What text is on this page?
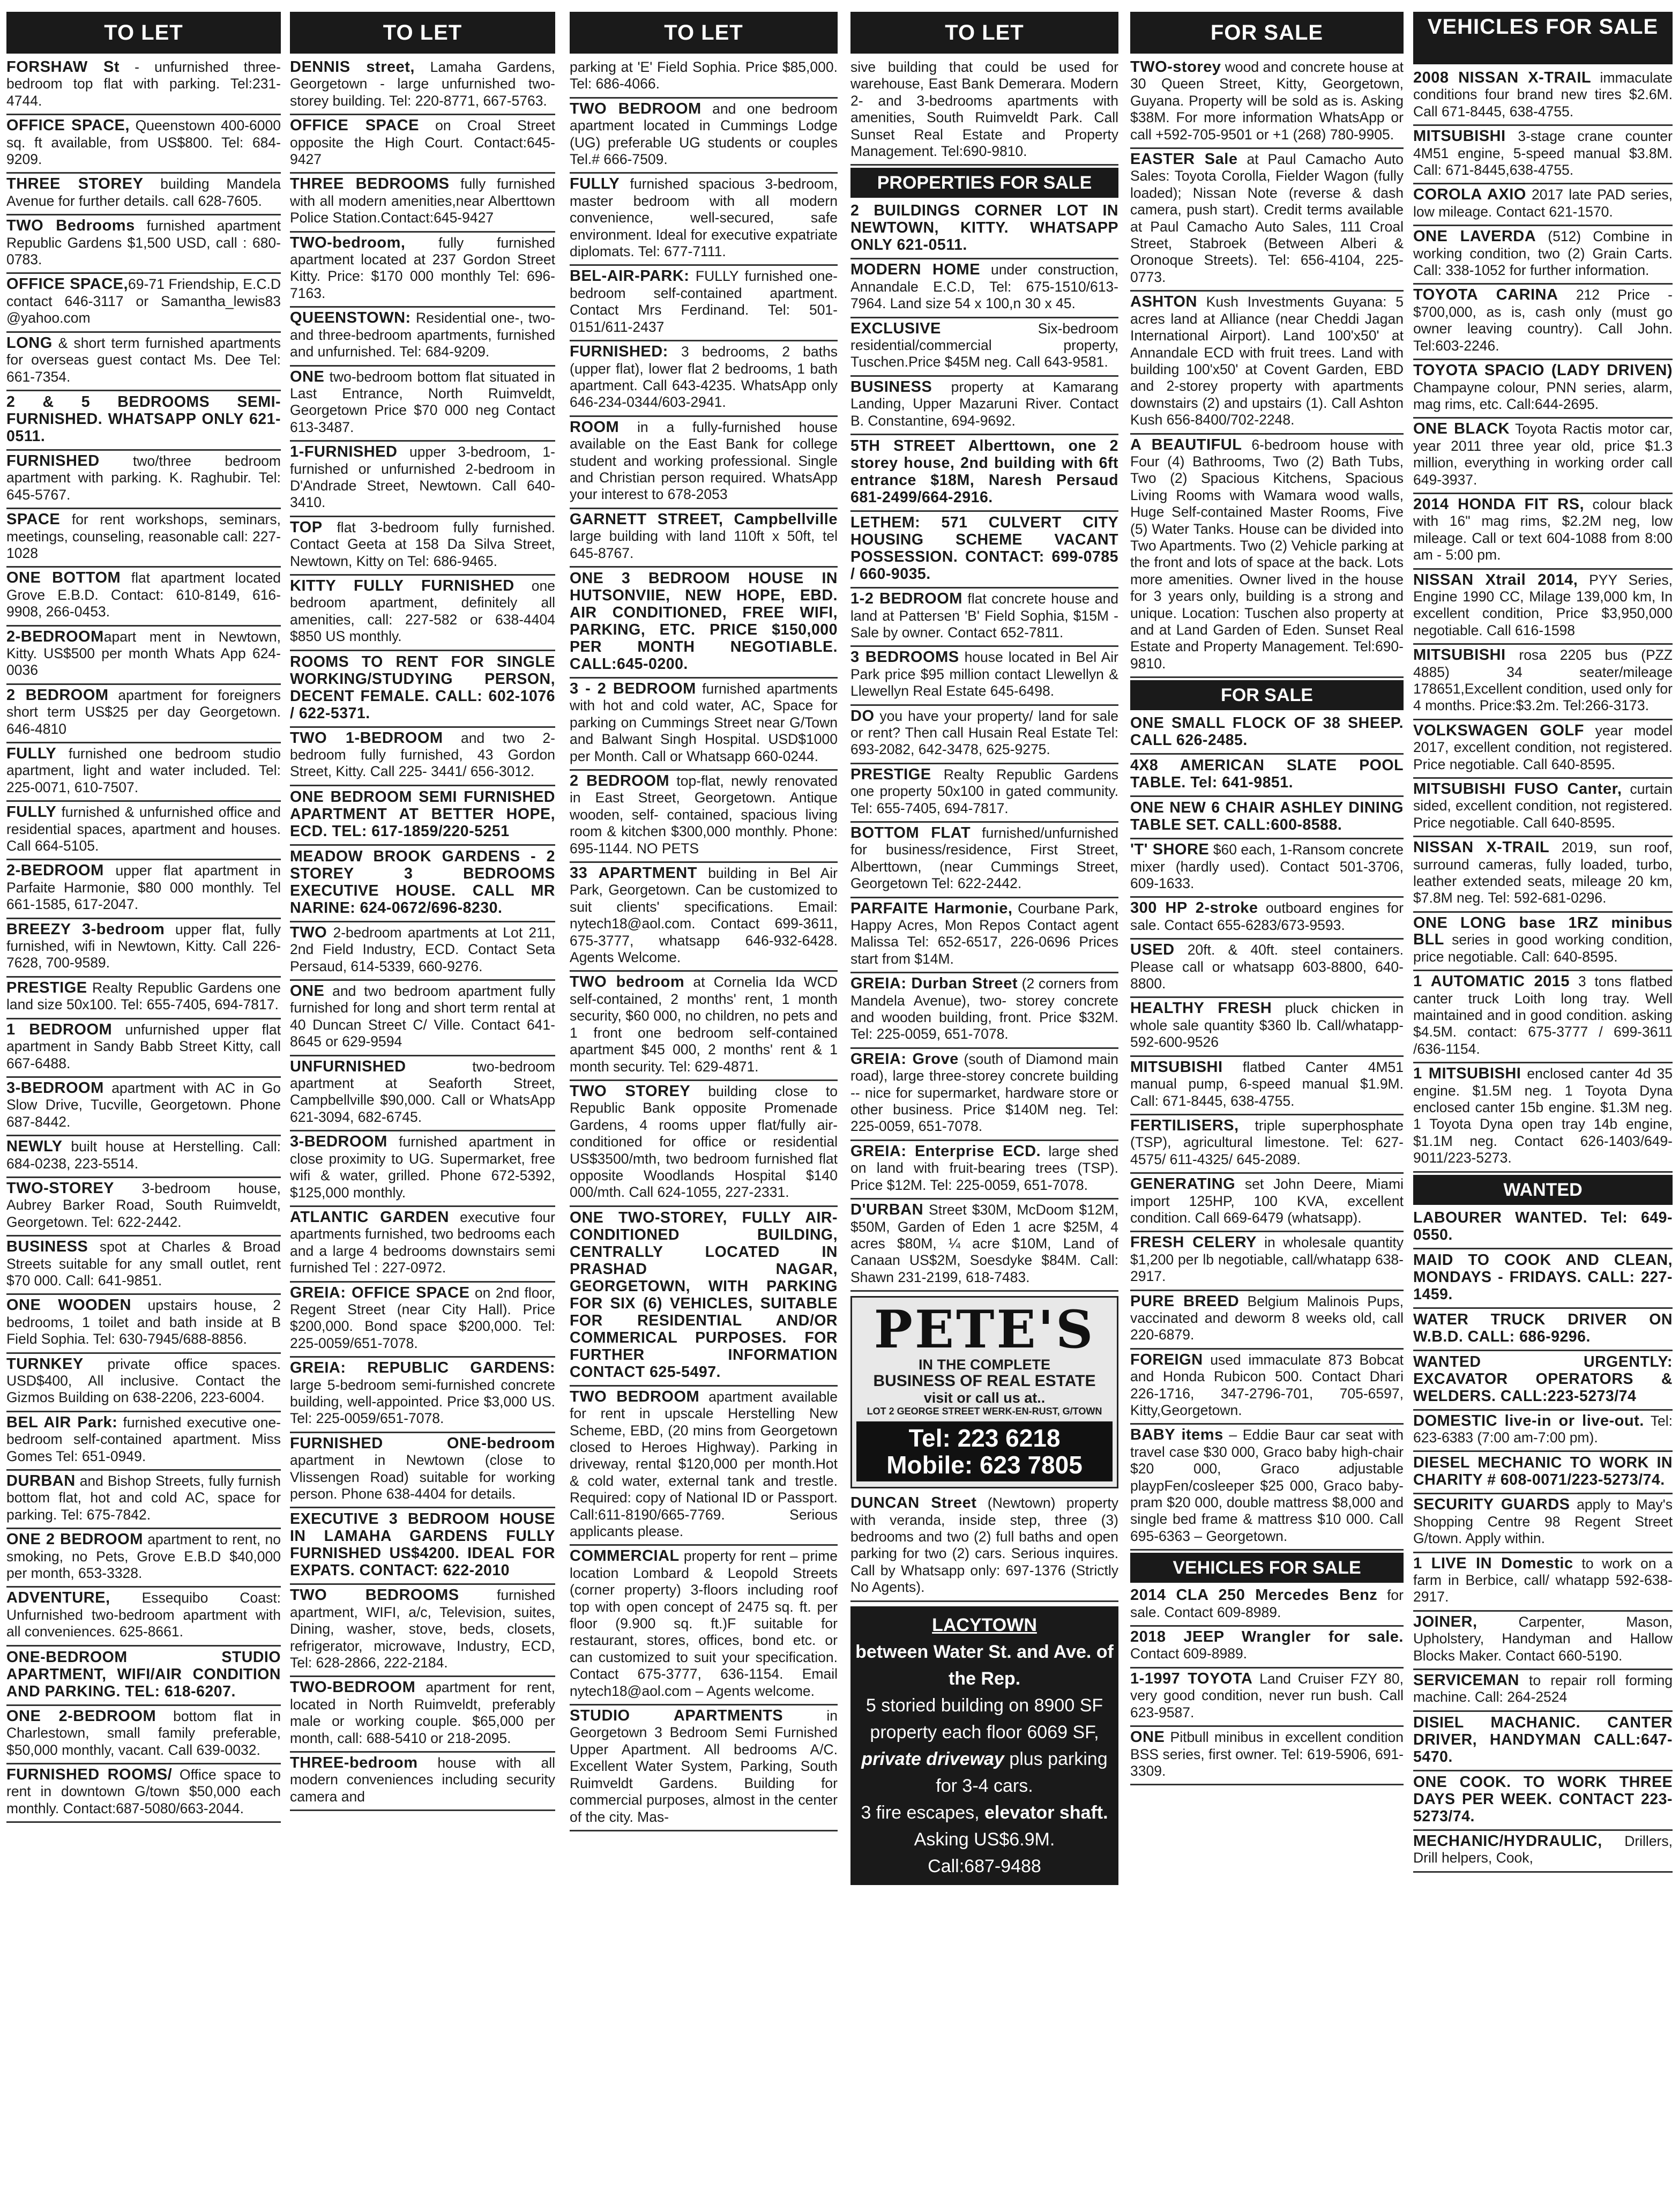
TO LET
FORSHAW St - unfurnished three-bedroom top flat with parking. Tel:231-4744.
OFFICE SPACE, Queenstown 400-6000 sq. ft available, from US$800. Tel: 684-9209.
THREE STOREY building Mandela Avenue for further details. call 628-7605.
TWO Bedrooms furnished apartment Republic Gardens $1,500 USD, call : 680-0783.
OFFICE SPACE,69-71 Friendship, E.C.D contact 646-3117 or Samantha_lewis83 @yahoo.com
LONG & short term furnished apartments for overseas guest contact Ms. Dee Tel: 661-7354.
2 & 5 BEDROOMS SEMI-FURNISHED. WHATSAPP ONLY 621-0511.
FURNISHED two/three bedroom apartment with parking. K. Raghubir. Tel: 645-5767.
SPACE for rent workshops, seminars, meetings, counseling, reasonable call: 227-1028
ONE BOTTOM flat apartment located Grove E.B.D. Contact: 610-8149, 616-9908, 266-0453.
2-BEDROOMapart ment in Newtown, Kitty. US$500 per month Whats App 624-0036
2 BEDROOM apartment for foreigners short term US$25 per day Georgetown. 646-4810
FULLY furnished one bedroom studio apartment, light and water included. Tel: 225-0071, 610-7507.
FULLY furnished & unfurnished office and residential spaces, apartment and houses. Call 664-5105.
2-BEDROOM upper flat apartment in Parfaite Harmonie, $80 000 monthly. Tel 661-1585, 617-2047.
BREEZY 3-bedroom upper flat, fully furnished, wifi in Newtown, Kitty. Call 226-7628, 700-9589.
PRESTIGE Realty Republic Gardens one land size 50x100. Tel: 655-7405, 694-7817.
1 BEDROOM unfurnished upper flat apartment in Sandy Babb Street Kitty, call 667-6488.
3-BEDROOM apartment with AC in Go Slow Drive, Tucville, Georgetown. Phone 687-8442.
NEWLY built house at Herstelling. Call: 684-0238, 223-5514.
TWO-STOREY 3-bedroom house, Aubrey Barker Road, South Ruimveldt, Georgetown. Tel: 622-2442.
BUSINESS spot at Charles & Broad Streets suitable for any small outlet, rent $70 000. Call: 641-9851.
ONE WOODEN upstairs house, 2 bedrooms, 1 toilet and bath inside at B Field Sophia. Tel: 630-7945/688-8856.
TURNKEY private office spaces. USD$400, All inclusive. Contact the Gizmos Building on 638-2206, 223-6004.
BEL AIR Park: furnished executive one-bedroom self-contained apartment. Miss Gomes Tel: 651-0949.
DURBAN and Bishop Streets, fully furnish bottom flat, hot and cold AC, space for parking. Tel: 675-7842.
ONE 2 BEDROOM apartment to rent, no smoking, no Pets, Grove E.B.D $40,000 per month, 653-3328.
ADVENTURE, Essequibo Coast: Unfurnished two-bedroom apartment with all conveniences. 625-8661.
ONE-BEDROOM STUDIO APARTMENT, WIFI/AIR CONDITION AND PARKING. TEL: 618-6207.
ONE 2-BEDROOM bottom flat in Charlestown, small family preferable, $50,000 monthly, vacant. Call 639-0032.
FURNISHED ROOMS/ Office space to rent in downtown G/town $50,000 each monthly. Contact:687-5080/663-2044.
TO LET
DENNIS street, Lamaha Gardens, Georgetown - large unfurnished two-storey building. Tel: 220-8771, 667-5763.
OFFICE SPACE on Croal Street opposite the High Court. Contact:645-9427
THREE BEDROOMS fully furnished with all modern amenities,near Alberttown Police Station.Contact:645-9427
TWO-bedroom, fully furnished apartment located at 237 Gordon Street Kitty. Price: $170 000 monthly Tel: 696-7163.
QUEENSTOWN: Residential one-, two- and three-bedroom apartments, furnished and unfurnished. Tel: 684-9209.
ONE two-bedroom bottom flat situated in Last Entrance, North Ruimveldt, Georgetown Price $70 000 neg Contact 613-3487.
1-FURNISHED upper 3-bedroom, 1-furnished or unfurnished 2-bedroom in D'Andrade Street, Newtown. Call 640-3410.
TOP flat 3-bedroom fully furnished. Contact Geeta at 158 Da Silva Street, Newtown, Kitty on Tel: 686-9465.
KITTY FULLY FURNISHED one bedroom apartment, definitely all amenities, call: 227-582 or 638-4404 $850 US monthly.
ROOMS TO RENT FOR SINGLE WORKING/STUDYING PERSON, DECENT FEMALE. CALL: 602-1076 / 622-5371.
TWO 1-BEDROOM and two 2-bedroom fully furnished, 43 Gordon Street, Kitty. Call 225- 3441/ 656-3012.
ONE BEDROOM SEMI FURNISHED APARTMENT AT BETTER HOPE, ECD. TEL: 617-1859/220-5251
MEADOW BROOK GARDENS - 2 STOREY 3 BEDROOMS EXECUTIVE HOUSE. CALL MR NARINE: 624-0672/696-8230.
TWO 2-bedroom apartments at Lot 211, 2nd Field Industry, ECD. Contact Seta Persaud, 614-5339, 660-9276.
ONE and two bedroom apartment fully furnished for long and short term rental at 40 Duncan Street C/ Ville. Contact 641-8645 or 629-9594
UNFURNISHED two-bedroom apartment at Seaforth Street, Campbellville $90,000. Call or WhatsApp 621-3094, 682-6745.
3-BEDROOM furnished apartment in close proximity to UG. Supermarket, free wifi & water, grilled. Phone 672-5392, $125,000 monthly.
ATLANTIC GARDEN executive four apartments furnished, two bedrooms each and a large 4 bedrooms downstairs semi furnished Tel : 227-0972.
GREIA: OFFICE SPACE on 2nd floor, Regent Street (near City Hall). Price $200,000. Bond space $200,000. Tel: 225-0059/651-7078.
GREIA: REPUBLIC GARDENS: large 5-bedroom semi-furnished concrete building, well-appointed. Price $3,000 US. Tel: 225-0059/651-7078.
FURNISHED ONE-bedroom apartment in Newtown (close to Vlissengen Road) suitable for working person. Phone 638-4404 for details.
EXECUTIVE 3 BEDROOM HOUSE IN LAMAHA GARDENS FULLY FURNISHED US$4200. IDEAL FOR EXPATS. CONTACT: 622-2010
TWO BEDROOMS furnished apartment, WIFI, a/c, Television, suites, Dining, washer, stove, beds, closets, refrigerator, microwave, Industry, ECD, Tel: 628-2866, 222-2184.
TWO-BEDROOM apartment for rent, located in North Ruimveldt, preferably male or working couple. $65,000 per month, call: 688-5410 or 218-2095.
THREE-bedroom house with all modern conveniences including security camera and
TO LET
parking at 'E' Field Sophia. Price $85,000. Tel: 686-4066.
TWO BEDROOM and one bedroom apartment located in Cummings Lodge (UG) preferable UG students or couples Tel.# 666-7509.
FULLY furnished spacious 3-bedroom, master bedroom with all modern convenience, well-secured, safe environment. Ideal for executive expatriate diplomats. Tel: 677-7111.
BEL-AIR-PARK: FULLY furnished one-bedroom self-contained apartment. Contact Mrs Ferdinand. Tel: 501-0151/611-2437
FURNISHED: 3 bedrooms, 2 baths (upper flat), lower flat 2 bedrooms, 1 bath apartment. Call 643-4235. WhatsApp only 646-234-0344/603-2941.
ROOM in a fully-furnished house available on the East Bank for college student and working professional. Single and Christian person required. WhatsApp your interest to 678-2053
GARNETT STREET, Campbellville large building with land 110ft x 50ft, tel 645-8767.
ONE 3 BEDROOM HOUSE IN HUTSONVIIE, NEW HOPE, EBD. AIR CONDITIONED, FREE WIFI, PARKING, ETC. PRICE $150,000 PER MONTH NEGOTIABLE. CALL:645-0200.
3 - 2 BEDROOM furnished apartments with hot and cold water, AC, Space for parking on Cummings Street near G/Town and Balwant Singh Hospital. USD$1000 per Month. Call or Whatsapp 660-0244.
2 BEDROOM top-flat, newly renovated in East Street, Georgetown. Antique wooden, self- contained, spacious living room & kitchen $300,000 monthly. Phone: 695-1144. NO PETS
33 APARTMENT building in Bel Air Park, Georgetown. Can be customized to suit clients' specifications. Email: nytech18@aol.com. Contact 699-3611, 675-3777, whatsapp 646-932-6428. Agents Welcome.
TWO bedroom at Cornelia Ida WCD self-contained, 2 months' rent, 1 month security, $60 000, no children, no pets and 1 front one bedroom self-contained apartment $45 000, 2 months' rent & 1 month security. Tel: 629-4871.
TWO STOREY building close to Republic Bank opposite Promenade Gardens, 4 rooms upper flat/fully air-conditioned for office or residential US$3500/mth, two bedroom furnished flat opposite Woodlands Hospital $140 000/mth. Call 624-1055, 227-2331.
ONE TWO-STOREY, FULLY AIR-CONDITIONED BUILDING, CENTRALLY LOCATED IN PRASHAD NAGAR, GEORGETOWN, WITH PARKING FOR SIX (6) VEHICLES, SUITABLE FOR RESIDENTIAL AND/OR COMMERICAL PURPOSES. FOR FURTHER INFORMATION CONTACT 625-5497.
TWO BEDROOM apartment available for rent in upscale Herstelling New Scheme, EBD, (20 mins from Georgetown closed to Heroes Highway). Parking in driveway, rental $120,000 per month.Hot & cold water, external tank and trestle. Required: copy of National ID or Passport. Call:611-8190/665-7769. Serious applicants please.
COMMERCIAL property for rent – prime location Lombard & Leopold Streets (corner property) 3-floors including roof top with open concept of 2475 sq. ft. per floor (9.900 sq. ft.)F suitable for restaurant, stores, offices, bond etc. or can customized to suit your specification. Contact 675-3777, 636-1154. Email nytech18@aol.com – Agents welcome.
STUDIO APARTMENTS in Georgetown 3 Bedroom Semi Furnished Upper Apartment. All bedrooms A/C. Excellent Water System, Parking, South Ruimveldt Gardens. Building for commercial purposes, almost in the center of the city. Mas-
TO LET
sive building that could be used for warehouse, East Bank Demerara. Modern 2- and 3-bedrooms apartments with amenities, South Ruimveldt Park. Call Sunset Real Estate and Property Management. Tel:690-9810.
PROPERTIES FOR SALE
2 BUILDINGS CORNER LOT IN NEWTOWN, KITTY. WHATSAPP ONLY 621-0511.
MODERN HOME under construction, Annandale E.C.D, Tel: 675-1510/613-7964. Land size 54 x 100,n 30 x 45.
EXCLUSIVE Six-bedroom residential/commercial property, Tuschen.Price $45M neg. Call 643-9581.
BUSINESS property at Kamarang Landing, Upper Mazaruni River. Contact B. Constantine, 694-9692.
5TH STREET Alberttown, one 2 storey house, 2nd building with 6ft entrance $18M, Naresh Persaud 681-2499/664-2916.
LETHEM: 571 CULVERT CITY HOUSING SCHEME VACANT POSSESSION. CONTACT: 699-0785 / 660-9035.
1-2 BEDROOM flat concrete house and land at Pattersen 'B' Field Sophia, $15M - Sale by owner. Contact 652-7811.
3 BEDROOMS house located in Bel Air Park price $95 million contact Llewellyn & Llewellyn Real Estate 645-6498.
DO you have your property/ land for sale or rent? Then call Husain Real Estate Tel: 693-2082, 642-3478, 625-9275.
PRESTIGE Realty Republic Gardens one property 50x100 in gated community. Tel: 655-7405, 694-7817.
BOTTOM FLAT furnished/unfurnished for business/residence, First Street, Alberttown, (near Cummings Street, Georgetown Tel: 622-2442.
PARFAITE Harmonie, Courbane Park, Happy Acres, Mon Repos Contact agent Malissa Tel: 652-6517, 226-0696 Prices start from $14M.
GREIA: Durban Street (2 corners from Mandela Avenue), two- storey concrete and wooden building, front. Price $32M. Tel: 225-0059, 651-7078.
GREIA: Grove (south of Diamond main road), large three-storey concrete building -- nice for supermarket, hardware store or other business. Price $140M neg. Tel: 225-0059, 651-7078.
GREIA: Enterprise ECD. large shed on land with fruit-bearing trees (TSP). Price $12M. Tel: 225-0059, 651-7078.
D'URBAN Street $30M, McDoom $12M, $50M, Garden of Eden 1 acre $25M, 4 acres $80M, ¼ acre $10M, Land of Canaan US$2M, Soesdyke $84M. Call: Shawn 231-2199, 618-7483.
PETE'S
IN THE COMPLETE
BUSINESS OF REAL ESTATE
visit or call us at..
LOT 2 GEORGE STREET WERK-EN-RUST, G/TOWN
Tel: 223 6218
Mobile: 623 7805
DUNCAN Street (Newtown) property with veranda, inside step, three (3) bedrooms and two (2) full baths and open parking for two (2) cars. Serious inquires. Call by Whatsapp only: 697-1376 (Strictly No Agents).
LACYTOWN
between Water St. and Ave. of the Rep.
5 storied building on 8900 SF property each floor 6069 SF,
private driveway plus parking for 3-4 cars.
3 fire escapes, elevator shaft.
Asking US$6.9M.
Call:687-9488
FOR SALE
TWO-storey wood and concrete house at 30 Queen Street, Kitty, Georgetown, Guyana. Property will be sold as is. Asking $38M. For more information WhatsApp or call +592-705-9501 or +1 (268) 780-9905.
EASTER Sale at Paul Camacho Auto Sales: Toyota Corolla, Fielder Wagon (fully loaded); Nissan Note (reverse & dash camera, push start). Credit terms available at Paul Camacho Auto Sales, 111 Croal Street, Stabroek (Between Alberi & Oronoque Streets). Tel: 656-4104, 225-0773.
ASHTON Kush Investments Guyana: 5 acres land at Alliance (near Cheddi Jagan International Airport). Land 100'x50' at Annandale ECD with fruit trees. Land with building 100'x50' at Covent Garden, EBD and 2-storey property with apartments downstairs (2) and upstairs (1). Call Ashton Kush 656-8400/702-2248.
A BEAUTIFUL 6-bedroom house with Four (4) Bathrooms, Two (2) Bath Tubs, Two (2) Spacious Kitchens, Spacious Living Rooms with Wamara wood walls, Huge Self-contained Master Rooms, Five (5) Water Tanks. House can be divided into Two Apartments. Two (2) Vehicle parking at the front and lots of space at the back. Lots more amenities. Owner lived in the house for 3 years only, building is a strong and unique. Location: Tuschen also property at and at Land Garden of Eden. Sunset Real Estate and Property Management. Tel:690-9810.
FOR SALE
ONE SMALL FLOCK OF 38 SHEEP. CALL 626-2485.
4X8 AMERICAN SLATE POOL TABLE. Tel: 641-9851.
ONE NEW 6 CHAIR ASHLEY DINING TABLE SET. CALL:600-8588.
'T' SHORE $60 each, 1-Ransom concrete mixer (hardly used). Contact 501-3706, 609-1633.
300 HP 2-stroke outboard engines for sale. Contact 655-6283/673-9593.
USED 20ft. & 40ft. steel containers. Please call or whatsapp 603-8800, 640-8800.
HEALTHY FRESH pluck chicken in whole sale quantity $360 lb. Call/whatapp- 592-600-9526
MITSUBISHI flatbed Canter 4M51 manual pump, 6-speed manual $1.9M. Call: 671-8445, 638-4755.
FERTILISERS, triple superphosphate (TSP), agricultural limestone. Tel: 627-4575/ 611-4325/ 645-2089.
GENERATING set John Deere, Miami import 125HP, 100 KVA, excellent condition. Call 669-6479 (whatsapp).
FRESH CELERY in wholesale quantity $1,200 per lb negotiable, call/whatapp 638-2917.
PURE BREED Belgium Malinois Pups, vaccinated and deworm 8 weeks old, call 220-6879.
FOREIGN used immaculate 873 Bobcat and Honda Rubicon 500. Contact Dhari 226-1716, 347-2796-701, 705-6597, Kitty,Georgetown.
BABY items – Eddie Baur car seat with travel case $30 000, Graco baby high-chair $20 000, Graco adjustable playpFen/cosleeper $25 000, Graco baby-pram $20 000, double mattress $8,000 and single bed frame & mattress $10 000. Call 695-6363 – Georgetown.
VEHICLES FOR SALE
2014 CLA 250 Mercedes Benz for sale. Contact 609-8989.
2018 JEEP Wrangler for sale. Contact 609-8989.
1-1997 TOYOTA Land Cruiser FZY 80, very good condition, never run bush. Call 623-9587.
ONE Pitbull minibus in excellent condition BSS series, first owner. Tel: 619-5906, 691-3309.
VEHICLES FOR SALE
2008 NISSAN X-TRAIL immaculate conditions four brand new tires $2.6M. Call 671-8445, 638-4755.
MITSUBISHI 3-stage crane counter 4M51 engine, 5-speed manual $3.8M. Call: 671-8445,638-4755.
COROLA AXIO 2017 late PAD series, low mileage. Contact 621-1570.
ONE LAVERDA (512) Combine in working condition, two (2) Grain Carts. Call: 338-1052 for further information.
TOYOTA CARINA 212 Price - $700,000, as is, cash only (must go owner leaving country). Call John. Tel:603-2246.
TOYOTA SPACIO (LADY DRIVEN) Champayne colour, PNN series, alarm, mag rims, etc. Call:644-2695.
ONE BLACK Toyota Ractis motor car, year 2011 three year old, price $1.3 million, everything in working order call 649-3937.
2014 HONDA FIT RS, colour black with 16" mag rims, $2.2M neg, low mileage. Call or text 604-1088 from 8:00 am - 5:00 pm.
NISSAN Xtrail 2014, PYY Series, Engine 1990 CC, Milage 139,000 km, In excellent condition, Price $3,950,000 negotiable. Call 616-1598
MITSUBISHI rosa 2205 bus (PZZ 4885) 34 seater/mileage 178651,Excellent condition, used only for 4 months. Price:$3.2m. Tel:266-3173.
VOLKSWAGEN GOLF year model 2017, excellent condition, not registered. Price negotiable. Call 640-8595.
MITSUBISHI FUSO Canter, curtain sided, excellent condition, not registered. Price negotiable. Call 640-8595.
NISSAN X-TRAIL 2019, sun roof, surround cameras, fully loaded, turbo, leather extended seats, mileage 20 km, $7.8M neg. Tel: 592-681-0296.
ONE LONG base 1RZ minibus BLL series in good working condition, price negotiable. Call: 640-8595.
1 AUTOMATIC 2015 3 tons flatbed canter truck Loith long tray. Well maintained and in good condition. asking $4.5M. contact: 675-3777 / 699-3611 /636-1154.
1 MITSUBISHI enclosed canter 4d 35 engine. $1.5M neg. 1 Toyota Dyna enclosed canter 15b engine. $1.3M neg. 1 Toyota Dyna open tray 14b engine, $1.1M neg. Contact 626-1403/649-9011/223-5273.
WANTED
LABOURER WANTED. Tel: 649-0550.
MAID TO COOK AND CLEAN, MONDAYS - FRIDAYS. CALL: 227-1459.
WATER TRUCK DRIVER ON W.B.D. CALL: 686-9296.
WANTED URGENTLY: EXCAVATOR OPERATORS & WELDERS. CALL:223-5273/74
DOMESTIC live-in or live-out. Tel: 623-6383 (7:00 am-7:00 pm).
DIESEL MECHANIC TO WORK IN CHARITY # 608-0071/223-5273/74.
SECURITY GUARDS apply to May's Shopping Centre 98 Regent Street G/town. Apply within.
1 LIVE IN Domestic to work on a farm in Berbice, call/ whatapp 592-638-2917.
JOINER, Carpenter, Mason, Upholstery, Handyman and Hallow Blocks Maker. Contact 660-5190.
SERVICEMAN to repair roll forming machine. Call: 264-2524
DISIEL MACHANIC. CANTER DRIVER, HANDYMAN CALL:647-5470.
ONE COOK. TO WORK THREE DAYS PER WEEK. CONTACT 223-5273/74.
MECHANIC/HYDRAULIC, Drillers, Drill helpers, Cook,
